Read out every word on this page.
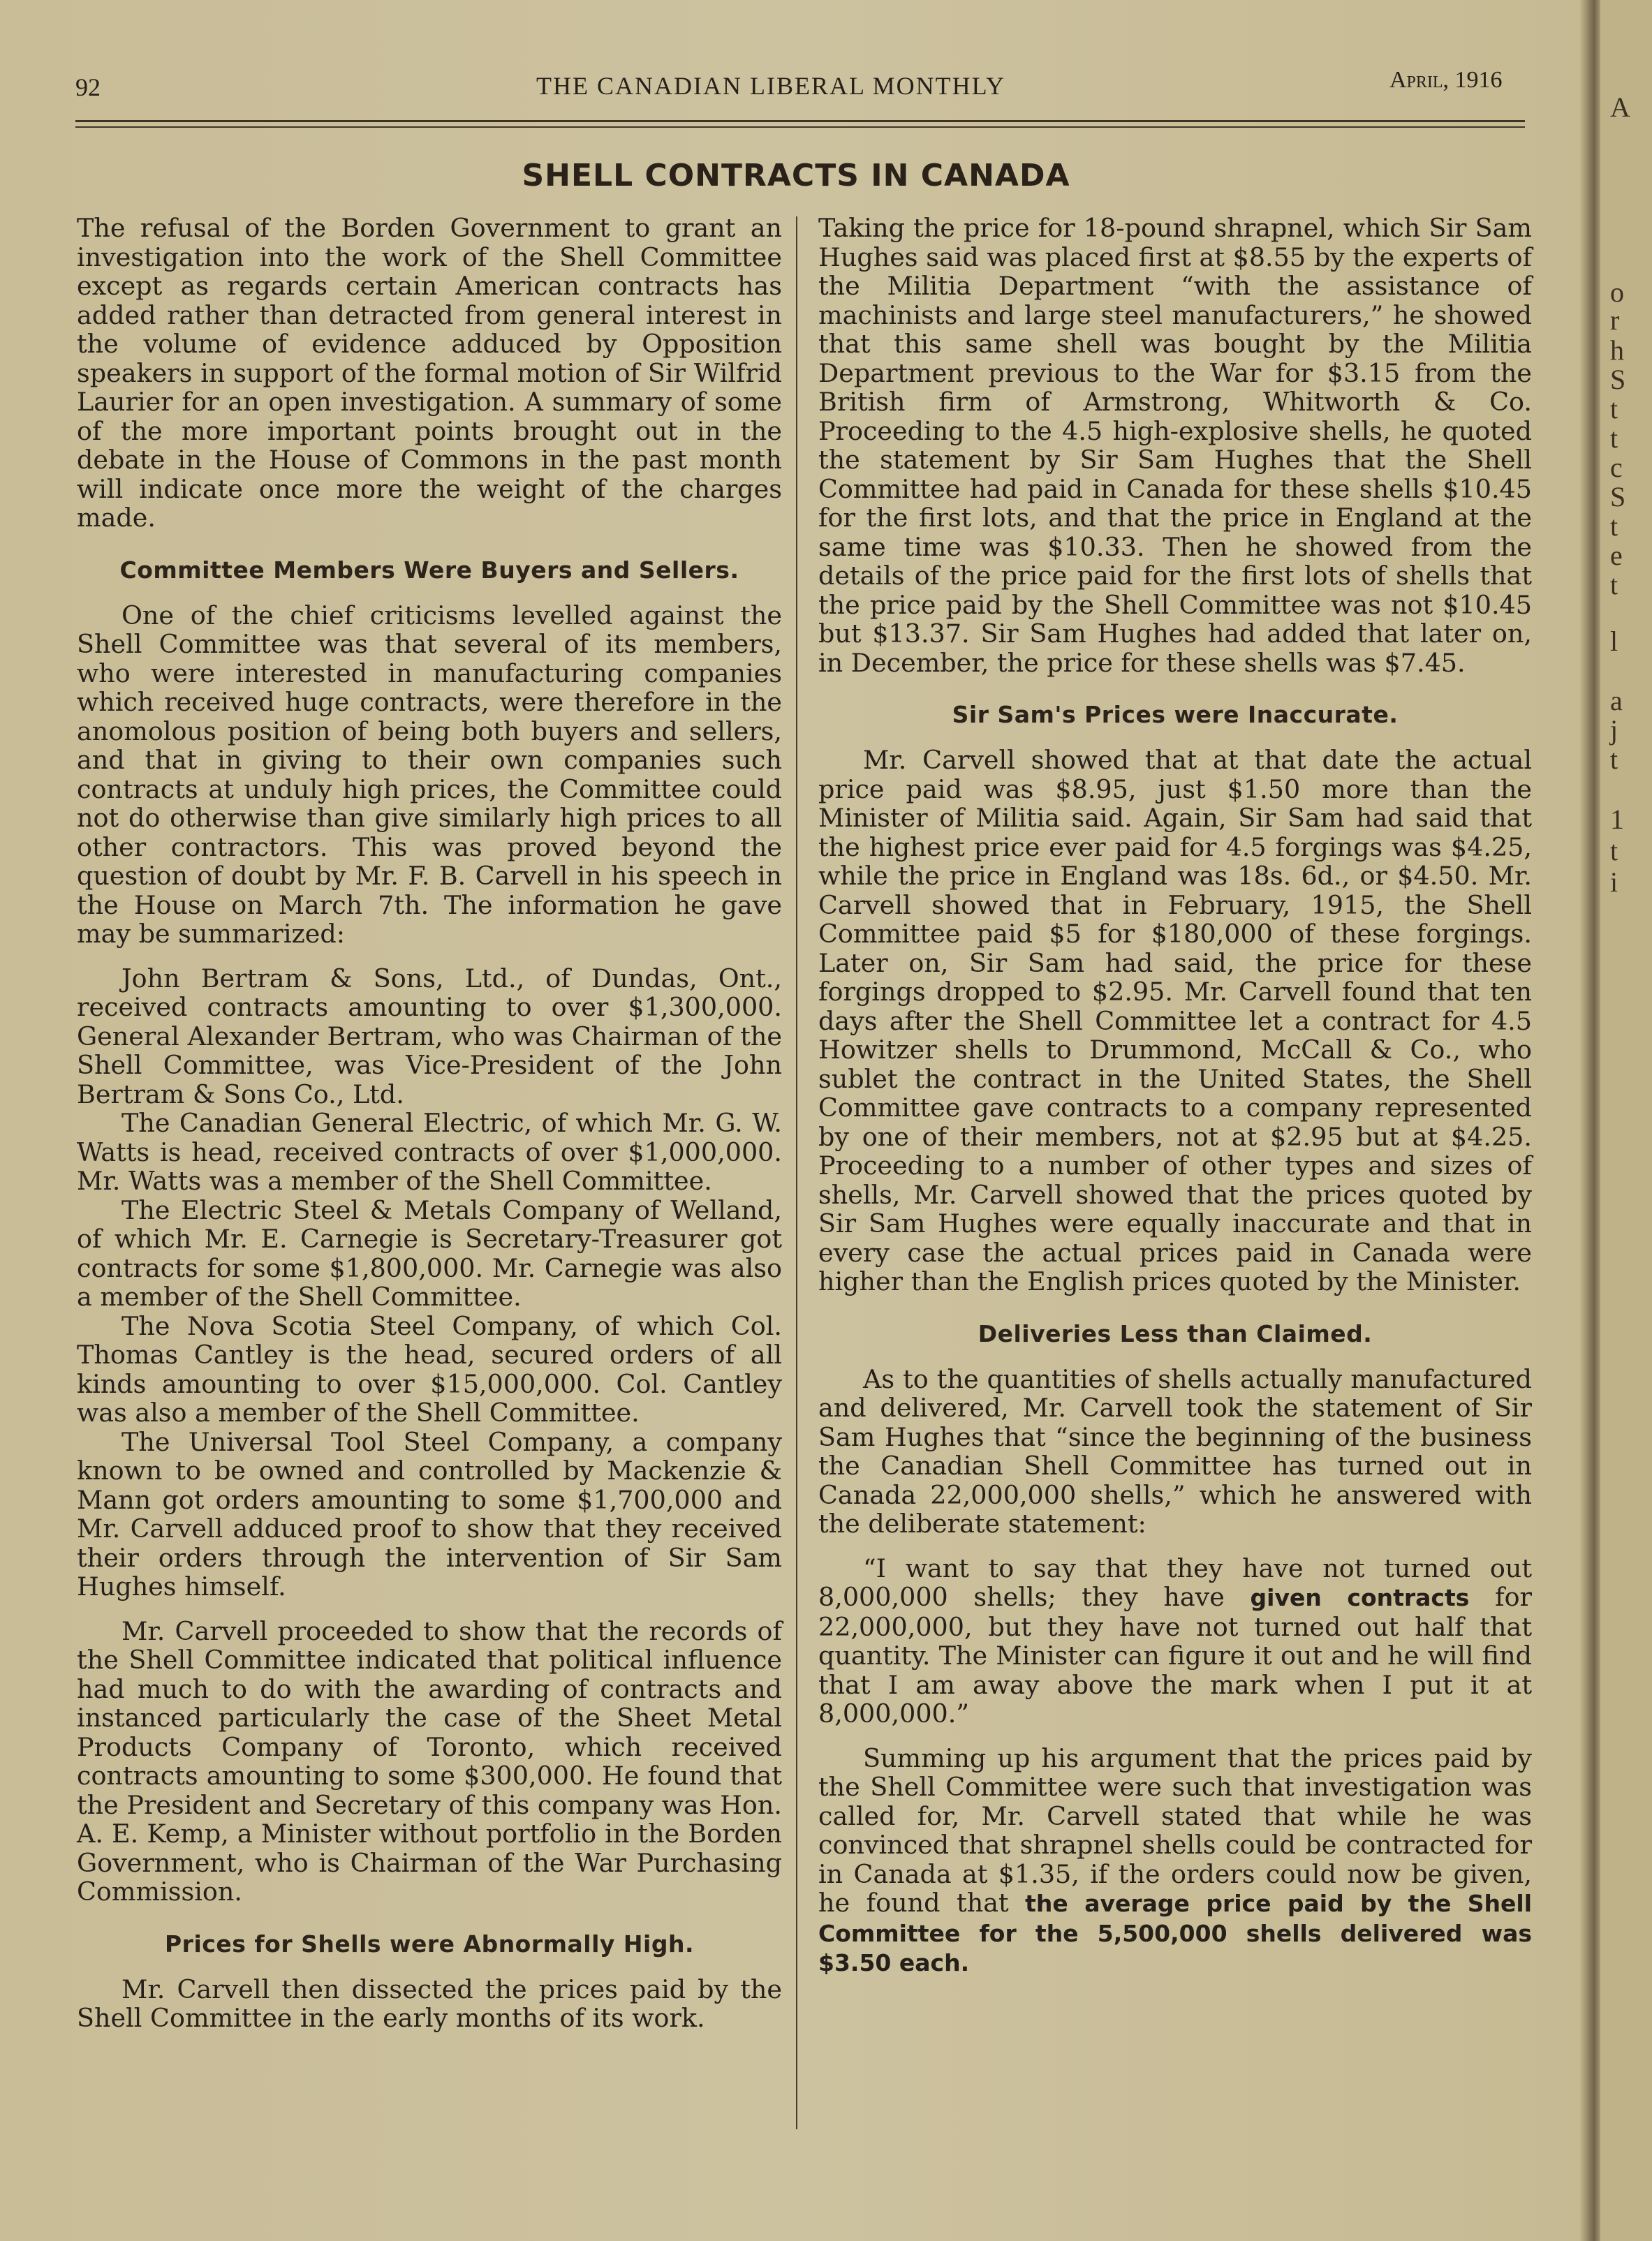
92	THE CANADIAN LIBERAL MONTHLY	April, 1916
SHELL CONTRACTS IN CANADA

The refusal of the Borden Government to grant an investigation into the work of the Shell Committee except as regards certain American contracts has added rather than detracted from general interest in the volume of evidence adduced by Opposition speakers in support of the formal motion of Sir Wilfrid Laurier for an open investigation. A summary of some of the more important points brought out in the debate in the House of Commons in the past month will indicate once more the weight of the charges made.

Committee Members Were Buyers and Sellers.

One of the chief criticisms levelled against the Shell Committee was that several of its members, who were interested in manufacturing companies which received huge contracts, were therefore in the anomolous position of being both buyers and sellers, and that in giving to their own companies such contracts at unduly high prices, the Committee could not do otherwise than give similarly high prices to all other contractors. This was proved beyond the question of doubt by Mr. F. B. Carvell in his speech in the House on March 7th. The information he gave may be summarized:

John Bertram & Sons, Ltd., of Dundas, Ont., received contracts amounting to over $1,300,000. General Alexander Bertram, who was Chairman of the Shell Committee, was Vice-President of the John Bertram & Sons Co., Ltd.

The Canadian General Electric, of which Mr. G. W. Watts is head, received contracts of over $1,000,000. Mr. Watts was a member of the Shell Committee.

The Electric Steel & Metals Company of Welland, of which Mr. E. Carnegie is Secretary-Treasurer got contracts for some $1,800,000. Mr. Carnegie was also a member of the Shell Committee.

The Nova Scotia Steel Company, of which Col. Thomas Cantley is the head, secured orders of all kinds amounting to over $15,000,000. Col. Cantley was also a member of the Shell Committee.

The Universal Tool Steel Company, a company known to be owned and controlled by Mackenzie & Mann got orders amounting to some $1,700,000 and Mr. Carvell adduced proof to show that they received their orders through the intervention of Sir Sam Hughes himself.

Mr. Carvell proceeded to show that the records of the Shell Committee indicated that political influence had much to do with the awarding of contracts and instanced particularly the case of the Sheet Metal Products Company of Toronto, which received contracts amounting to some $300,000. He found that the President and Secretary of this company was Hon. A. E. Kemp, a Minister without portfolio in the Borden Government, who is Chairman of the War Purchasing Commission.

Prices for Shells were Abnormally High.

Mr. Carvell then dissected the prices paid by the Shell Committee in the early months of its work.

Taking the price for 18-pound shrapnel, which Sir Sam Hughes said was placed first at $8.55 by the experts of the Militia Department “with the assistance of machinists and large steel manufacturers,” he showed that this same shell was bought by the Militia Department previous to the War for $3.15 from the British firm of Armstrong, Whitworth & Co. Proceeding to the 4.5 high-explosive shells, he quoted the statement by Sir Sam Hughes that the Shell Committee had paid in Canada for these shells $10.45 for the first lots, and that the price in England at the same time was $10.33. Then he showed from the details of the price paid for the first lots of shells that the price paid by the Shell Committee was not $10.45 but $13.37. Sir Sam Hughes had added that later on, in December, the price for these shells was $7.45.

Sir Sam's Prices were Inaccurate.

Mr. Carvell showed that at that date the actual price paid was $8.95, just $1.50 more than the Minister of Militia said. Again, Sir Sam had said that the highest price ever paid for 4.5 forgings was $4.25, while the price in England was 18s. 6d., or $4.50. Mr. Carvell showed that in February, 1915, the Shell Committee paid $5 for $180,000 of these forgings. Later on, Sir Sam had said, the price for these forgings dropped to $2.95. Mr. Carvell found that ten days after the Shell Committee let a contract for 4.5 Howitzer shells to Drummond, McCall & Co., who sublet the contract in the United States, the Shell Committee gave contracts to a company represented by one of their members, not at $2.95 but at $4.25. Proceeding to a number of other types and sizes of shells, Mr. Carvell showed that the prices quoted by Sir Sam Hughes were equally inaccurate and that in every case the actual prices paid in Canada were higher than the English prices quoted by the Minister.

Deliveries Less than Claimed.

As to the quantities of shells actually manufactured and delivered, Mr. Carvell took the statement of Sir Sam Hughes that “since the beginning of the business the Canadian Shell Committee has turned out in Canada 22,000,000 shells,” which he answered with the deliberate statement:

“I want to say that they have not turned out 8,000,000 shells; they have given contracts for 22,000,000, but they have not turned out half that quantity. The Minister can figure it out and he will find that I am away above the mark when I put it at 8,000,000.”

Summing up his argument that the prices paid by the Shell Committee were such that investigation was called for, Mr. Carvell stated that while he was convinced that shrapnel shells could be contracted for in Canada at $1.35, if the orders could now be given, he found that the average price paid by the Shell Committee for the 5,500,000 shells delivered was $3.50 each.

A
o
r
h
S
t
t
c
S
t
e
t
l
a
j
t
1
t
i
